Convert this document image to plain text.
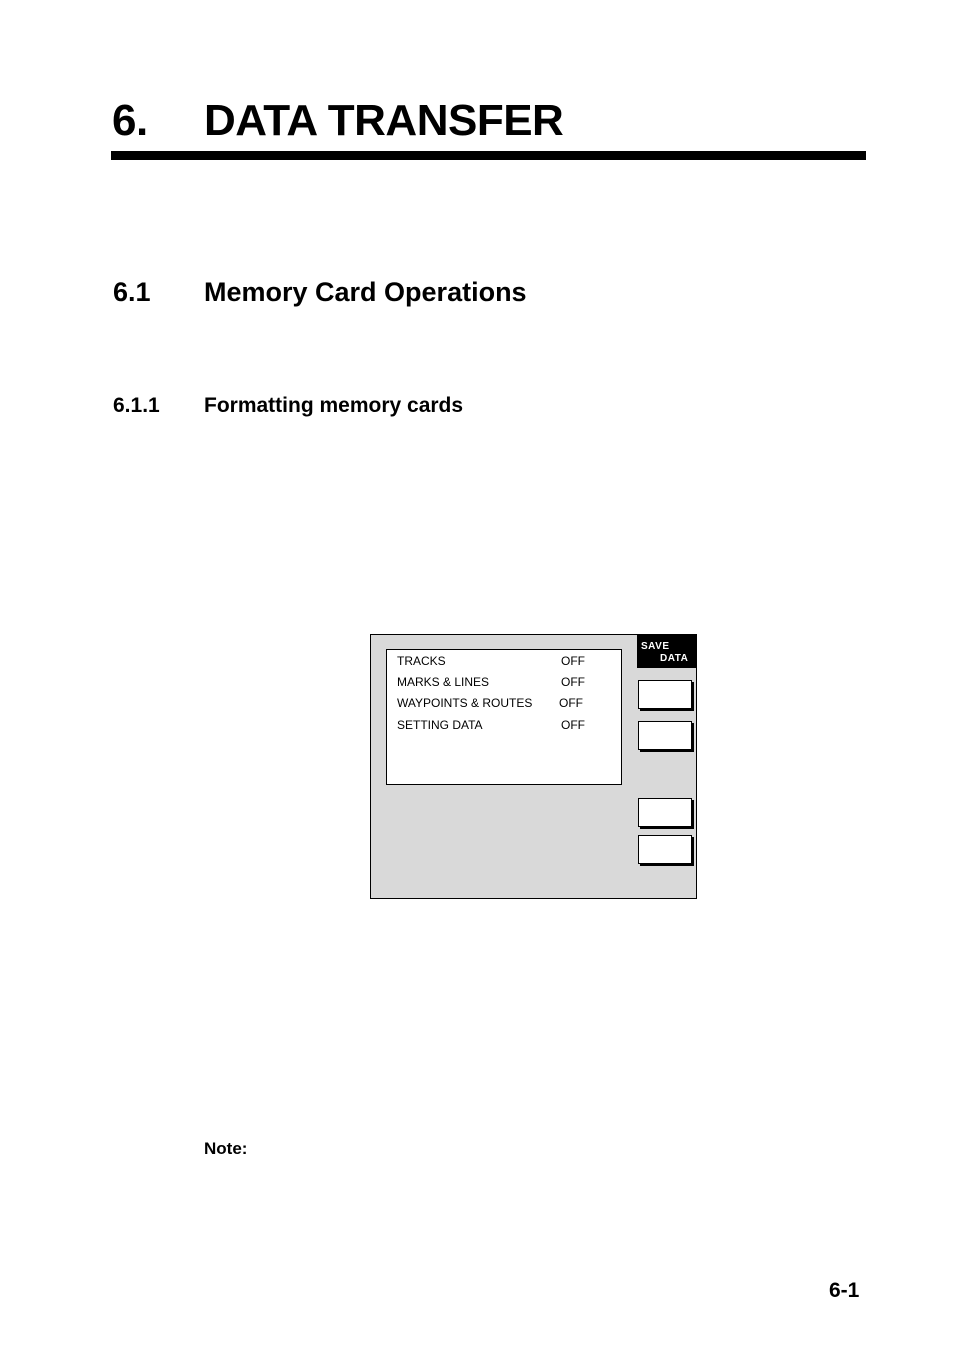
6. DATA TRANSFER
6.1 Memory Card Operations
6.1.1 Formatting memory cards
TRACKS	OFF
MARKS & LINES	OFF
WAYPOINTS & ROUTES OFF
SETTING DATA	OFF
SAVE
DATA
Note:
6-1
